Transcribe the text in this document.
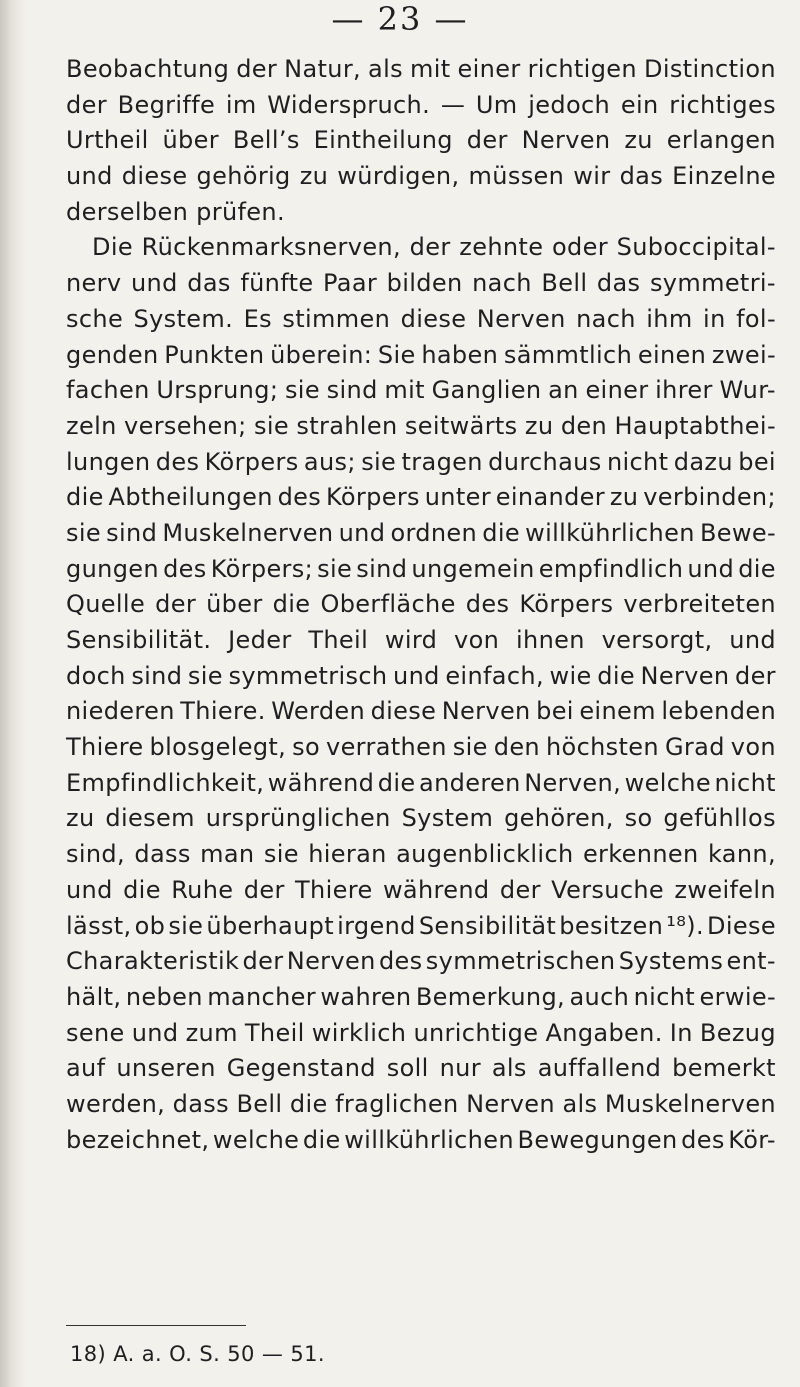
— 23 —
Beobachtung der Natur, als mit einer richtigen Distinction
der Begriffe im Widerspruch. — Um jedoch ein richtiges
Urtheil über Bell’s Eintheilung der Nerven zu erlangen
und diese gehörig zu würdigen, müssen wir das Einzelne
derselben prüfen.
Die Rückenmarksnerven, der zehnte oder Suboccipital-
nerv und das fünfte Paar bilden nach Bell das symmetri-
sche System. Es stimmen diese Nerven nach ihm in fol-
genden Punkten überein: Sie haben sämmtlich einen zwei-
fachen Ursprung; sie sind mit Ganglien an einer ihrer Wur-
zeln versehen; sie strahlen seitwärts zu den Hauptabthei-
lungen des Körpers aus; sie tragen durchaus nicht dazu bei
die Abtheilungen des Körpers unter einander zu verbinden;
sie sind Muskelnerven und ordnen die willkührlichen Bewe-
gungen des Körpers; sie sind ungemein empfindlich und die
Quelle der über die Oberfläche des Körpers verbreiteten
Sensibilität. Jeder Theil wird von ihnen versorgt, und
doch sind sie symmetrisch und einfach, wie die Nerven der
niederen Thiere. Werden diese Nerven bei einem lebenden
Thiere blosgelegt, so verrathen sie den höchsten Grad von
Empfindlichkeit, während die anderen Nerven, welche nicht
zu diesem ursprünglichen System gehören, so gefühllos
sind, dass man sie hieran augenblicklich erkennen kann,
und die Ruhe der Thiere während der Versuche zweifeln
lässt, ob sie überhaupt irgend Sensibilität besitzen ¹⁸). Diese
Charakteristik der Nerven des symmetrischen Systems ent-
hält, neben mancher wahren Bemerkung, auch nicht erwie-
sene und zum Theil wirklich unrichtige Angaben. In Bezug
auf unseren Gegenstand soll nur als auffallend bemerkt
werden, dass Bell die fraglichen Nerven als Muskelnerven
bezeichnet, welche die willkührlichen Bewegungen des Kör-
18) A. a. O. S. 50 — 51.
